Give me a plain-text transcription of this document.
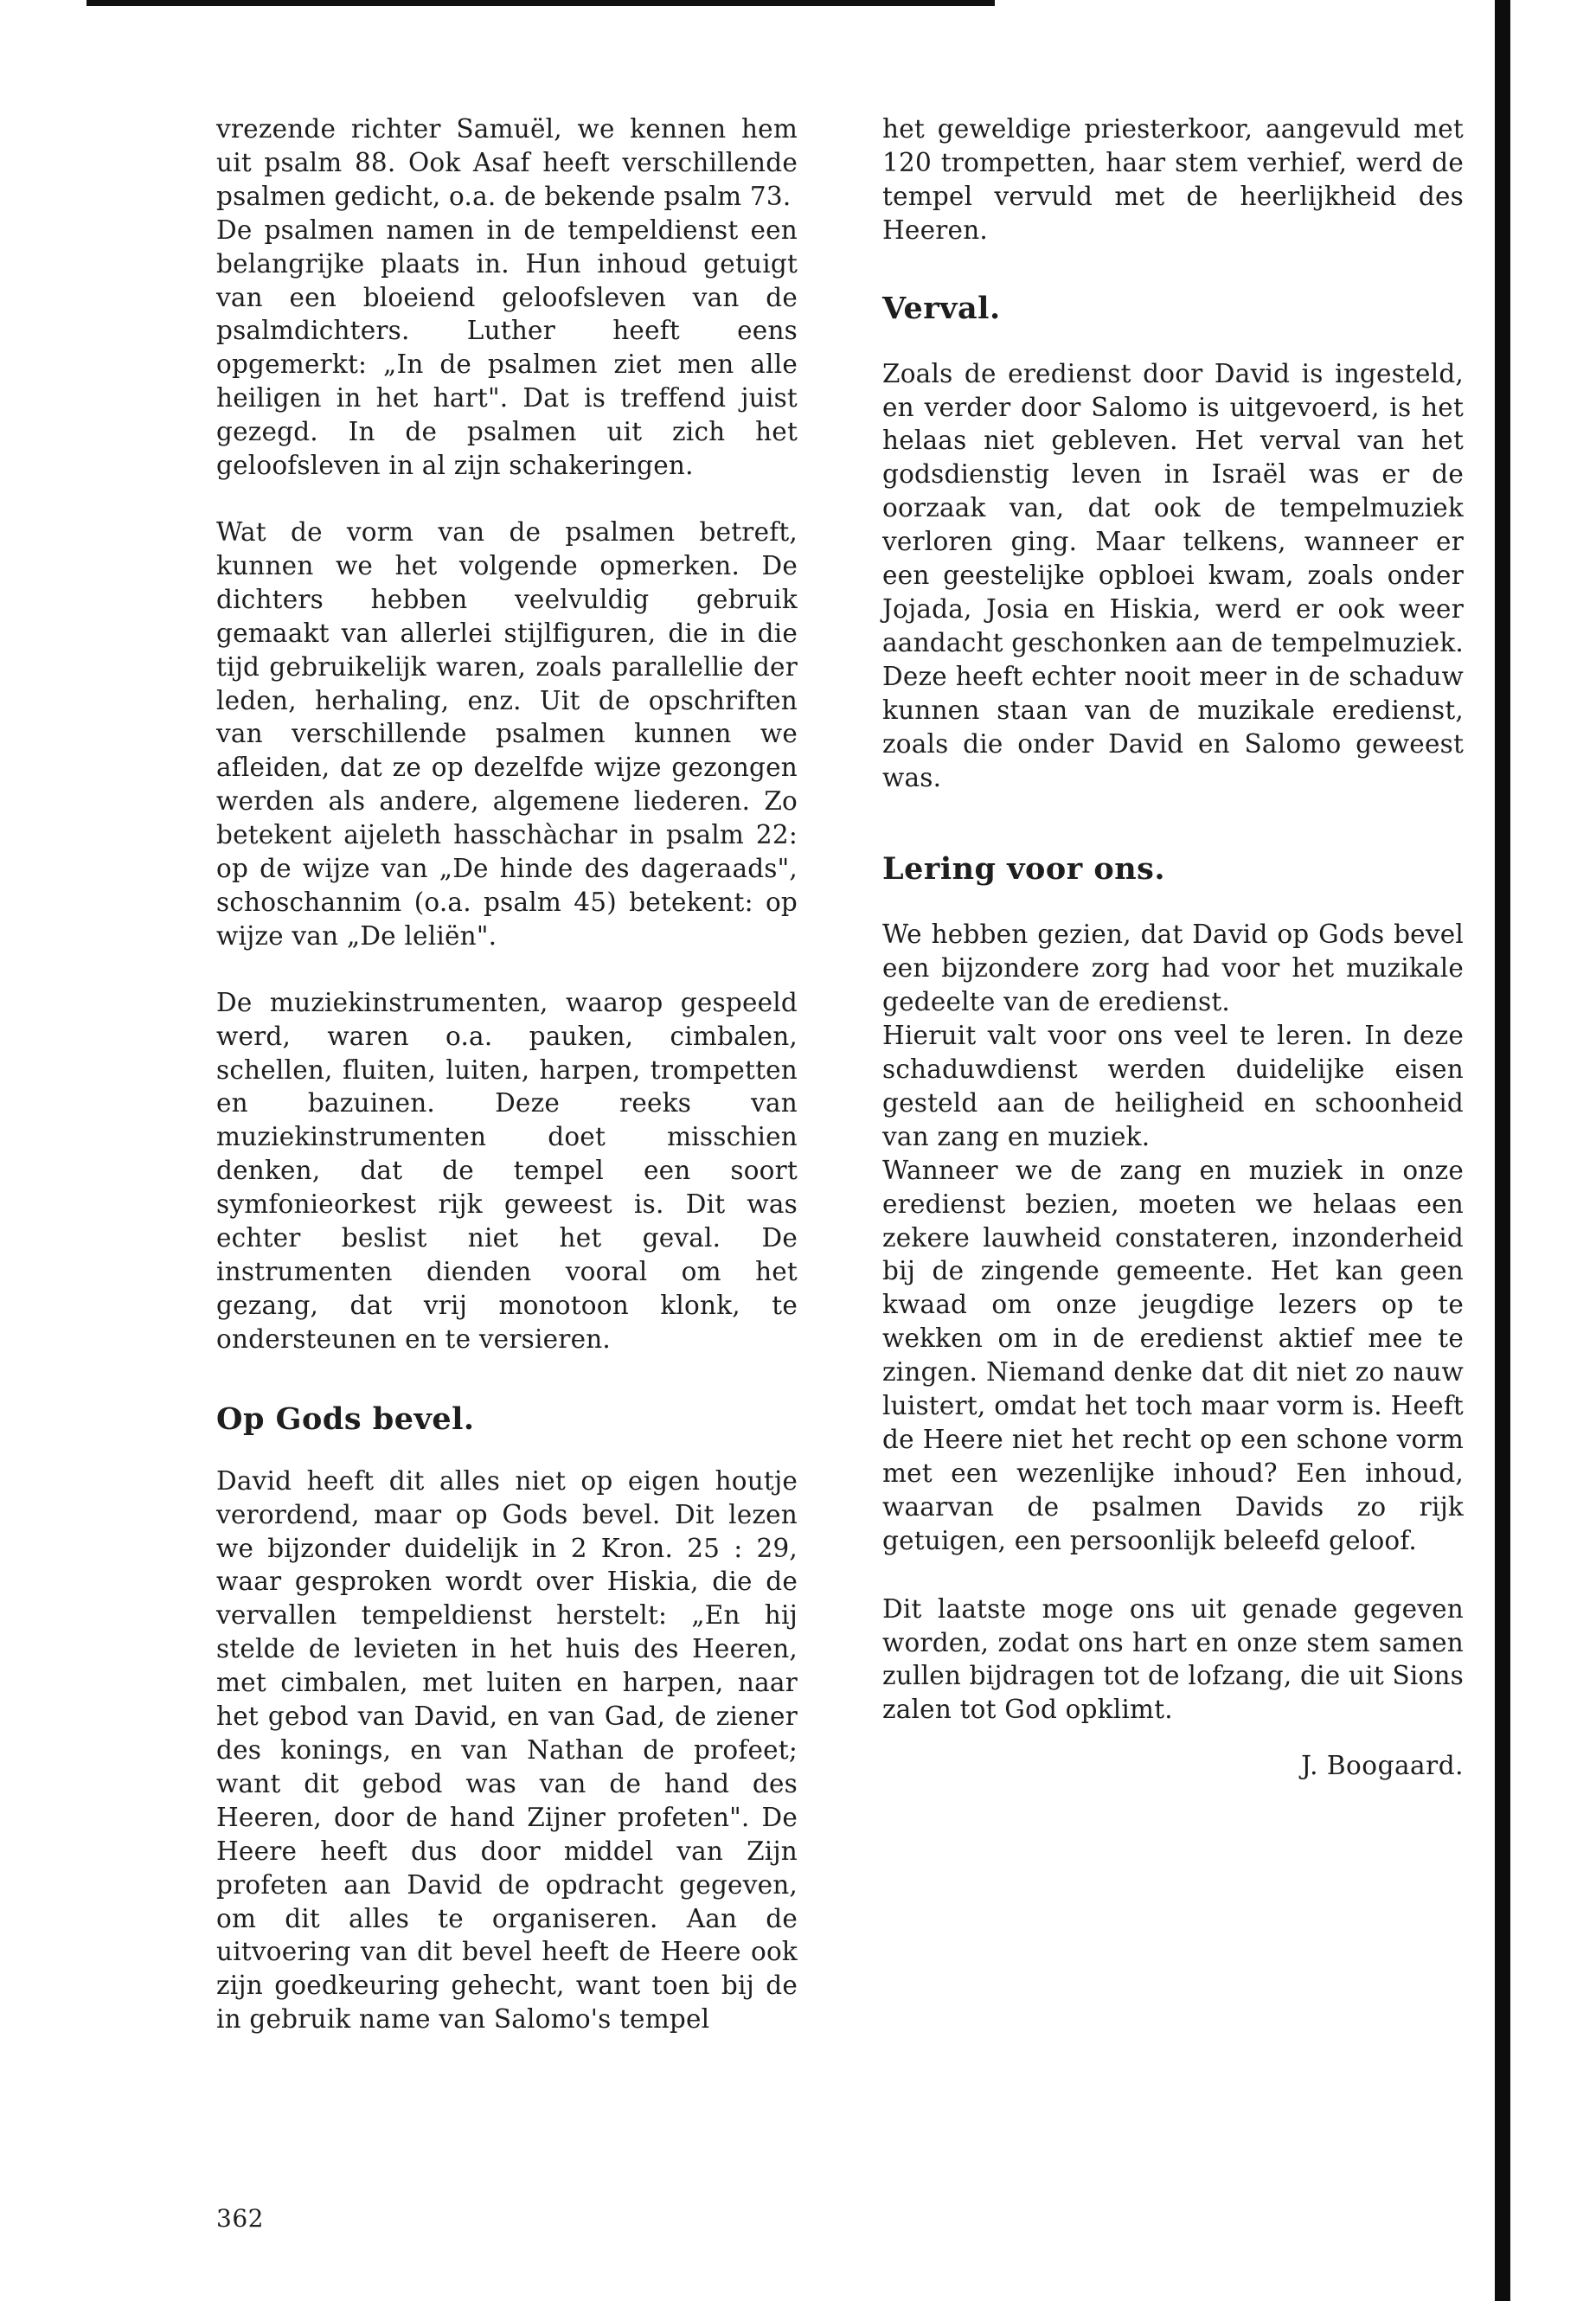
vrezende richter Samuël, we kennen hem uit psalm 88. Ook Asaf heeft verschillende psalmen gedicht, o.a. de bekende psalm 73.

De psalmen namen in de tempeldienst een belangrijke plaats in. Hun inhoud getuigt van een bloeiend geloofsleven van de psalmdichters. Luther heeft eens opgemerkt: „In de psalmen ziet men alle heiligen in het hart". Dat is treffend juist gezegd. In de psalmen uit zich het geloofsleven in al zijn schakeringen.

Wat de vorm van de psalmen betreft, kunnen we het volgende opmerken. De dichters hebben veelvuldig gebruik gemaakt van allerlei stijlfiguren, die in die tijd gebruikelijk waren, zoals parallellie der leden, herhaling, enz. Uit de opschriften van verschillende psalmen kunnen we afleiden, dat ze op dezelfde wijze gezongen werden als andere, algemene liederen. Zo betekent aijeleth hasschàchar in psalm 22: op de wijze van „De hinde des dageraads", schoschannim (o.a. psalm 45) betekent: op wijze van „De leliën".

De muziekinstrumenten, waarop gespeeld werd, waren o.a. pauken, cimbalen, schellen, fluiten, luiten, harpen, trompetten en bazuinen. Deze reeks van muziekinstrumenten doet misschien denken, dat de tempel een soort symfonieorkest rijk geweest is. Dit was echter beslist niet het geval. De instrumenten dienden vooral om het gezang, dat vrij monotoon klonk, te ondersteunen en te versieren.

Op Gods bevel.

David heeft dit alles niet op eigen houtje verordend, maar op Gods bevel. Dit lezen we bijzonder duidelijk in 2 Kron. 25 : 29, waar gesproken wordt over Hiskia, die de vervallen tempeldienst herstelt: „En hij stelde de levieten in het huis des Heeren, met cimbalen, met luiten en harpen, naar het gebod van David, en van Gad, de ziener des konings, en van Nathan de profeet; want dit gebod was van de hand des Heeren, door de hand Zijner profeten". De Heere heeft dus door middel van Zijn profeten aan David de opdracht gegeven, om dit alles te organiseren. Aan de uitvoering van dit bevel heeft de Heere ook zijn goedkeuring gehecht, want toen bij de in gebruik name van Salomo's tempel

het geweldige priesterkoor, aangevuld met 120 trompetten, haar stem verhief, werd de tempel vervuld met de heerlijkheid des Heeren.

Verval.

Zoals de eredienst door David is ingesteld, en verder door Salomo is uitgevoerd, is het helaas niet gebleven. Het verval van het godsdienstig leven in Israël was er de oorzaak van, dat ook de tempelmuziek verloren ging. Maar telkens, wanneer er een geestelijke opbloei kwam, zoals onder Jojada, Josia en Hiskia, werd er ook weer aandacht geschonken aan de tempelmuziek. Deze heeft echter nooit meer in de schaduw kunnen staan van de muzikale eredienst, zoals die onder David en Salomo geweest was.

Lering voor ons.

We hebben gezien, dat David op Gods bevel een bijzondere zorg had voor het muzikale gedeelte van de eredienst.

Hieruit valt voor ons veel te leren. In deze schaduwdienst werden duidelijke eisen gesteld aan de heiligheid en schoonheid van zang en muziek.

Wanneer we de zang en muziek in onze eredienst bezien, moeten we helaas een zekere lauwheid constateren, inzonderheid bij de zingende gemeente. Het kan geen kwaad om onze jeugdige lezers op te wekken om in de eredienst aktief mee te zingen. Niemand denke dat dit niet zo nauw luistert, omdat het toch maar vorm is. Heeft de Heere niet het recht op een schone vorm met een wezenlijke inhoud? Een inhoud, waarvan de psalmen Davids zo rijk getuigen, een persoonlijk beleefd geloof.

Dit laatste moge ons uit genade gegeven worden, zodat ons hart en onze stem samen zullen bijdragen tot de lofzang, die uit Sions zalen tot God opklimt.

J. Boogaard.

362
